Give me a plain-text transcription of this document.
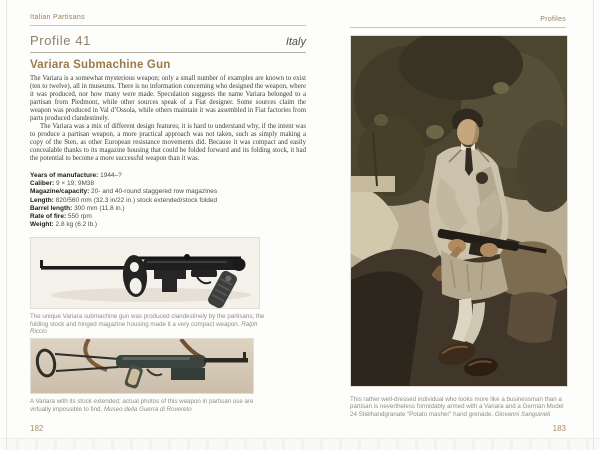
Italian Partisans
Profile 41	Italy
Variara Submachine Gun

The Variara is a somewhat mysterious weapon; only a small number of examples are known to exist (ten to twelve), all in museums. There is no information concerning who designed the weapon, where it was produced, nor how many were made. Speculation suggests the name Variara belonged to a partisan from Piedmont, while other sources speak of a Fiat designer. Some sources claim the weapon was produced in Val d’Ossola, while others maintain it was assembled in Fiat factories from parts produced clandestinely.

The Variara was a mix of different design features; it is hard to understand why, if the intent was to produce a partisan weapon, a more practical approach was not taken, such as simply making a copy of the Sten, as other European resistance movements did. Because it was compact and easily concealable thanks to its magazine housing that could be folded forward and its folding stock, it had the potential to become a more successful weapon than it was.

Years of manufacture: 1944–?
Caliber: 9 × 19; 9M38
Magazine/capacity: 20- and 40-round staggered row magazines
Length: 820/560 mm (32.3 in/22 in.) stock extended/stock folded
Barrel length: 300 mm (11.8 in.)
Rate of fire: 550 rpm
Weight: 2.8 kg (6.2 lb.)
The unique Variara submachine gun was produced clandestinely by the partisans; the folding stock and hinged magazine housing made it a very compact weapon. Ralph Riccio
A Variara with its stock extended; actual photos of this weapon in partisan use are virtually impossible to find. Museo della Guerra di Rovereto
182
Profiles
This rather well-dressed individual who looks more like a businessman than a partisan is nevertheless formidably armed with a Variara and a German Model 24 Stielhandgranate “Potato masher” hand grenade. Giovanni Sanguineti
183
